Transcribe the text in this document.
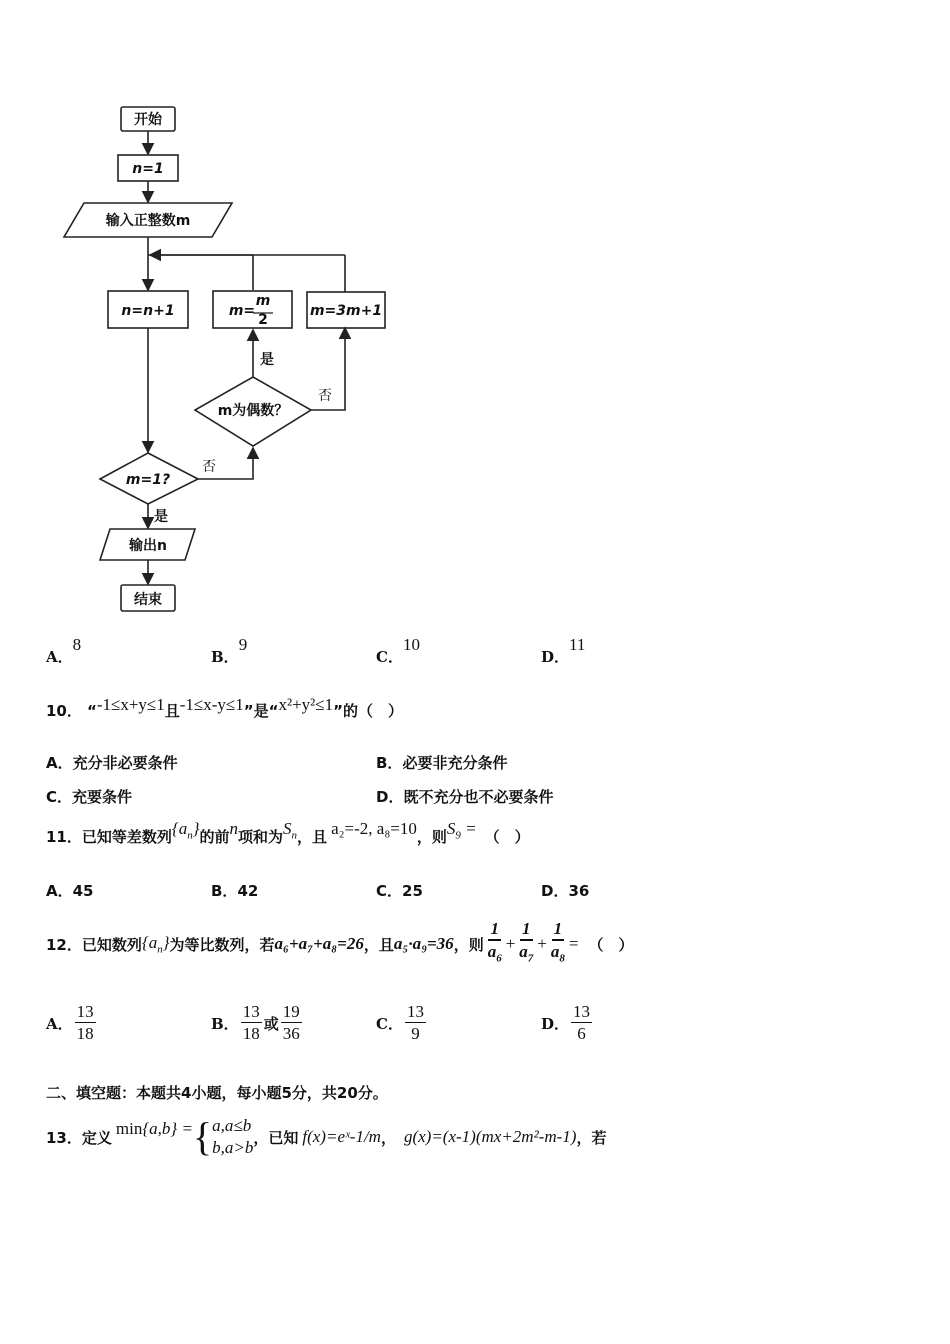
开始
n=1
输入正整数m
n=n+1	m=
m
2
m=3m+1
m为偶数？
m=1?
是
否
否
是
输出n
结束
A．8
B．9
C．10
D．11
10． “-1≤x+y≤1且-1≤x-y≤1”是“x²+y²≤1”的（　）
A．充分非必要条件	B．必要非充分条件
C．充要条件	D．既不充分也不必要条件
11．已知等差数列$\{a_n\}$的前n项和为$S_n$，且 a₂=-2, a₈=10，则$S_9$ = （　）
A．45	B．42	C．25	D．36
12． 已知数列 $\{a_n\}$ 为等比数列，若 a₆+a₇+a₈=26 ，且 a₅·a₉=36 ，则 $\frac{1}{a_6} + \frac{1}{a_7} + \frac{1}{a_8}$ = （　）
A． $\frac{13}{18}$	B． $\frac{13}{18}$ 或 $\frac{19}{36}$	C． $\frac{13}{9}$	D． $\frac{13}{6}$
二、填空题：本题共4小题，每小题5分，共20分。
13． 定义 min {a,b} = { a,a≤b
b,a>b
，已知 f(x)=eˣ-1/m ， g(x)=(x-1)(mx+2m²-m-1) ，若
